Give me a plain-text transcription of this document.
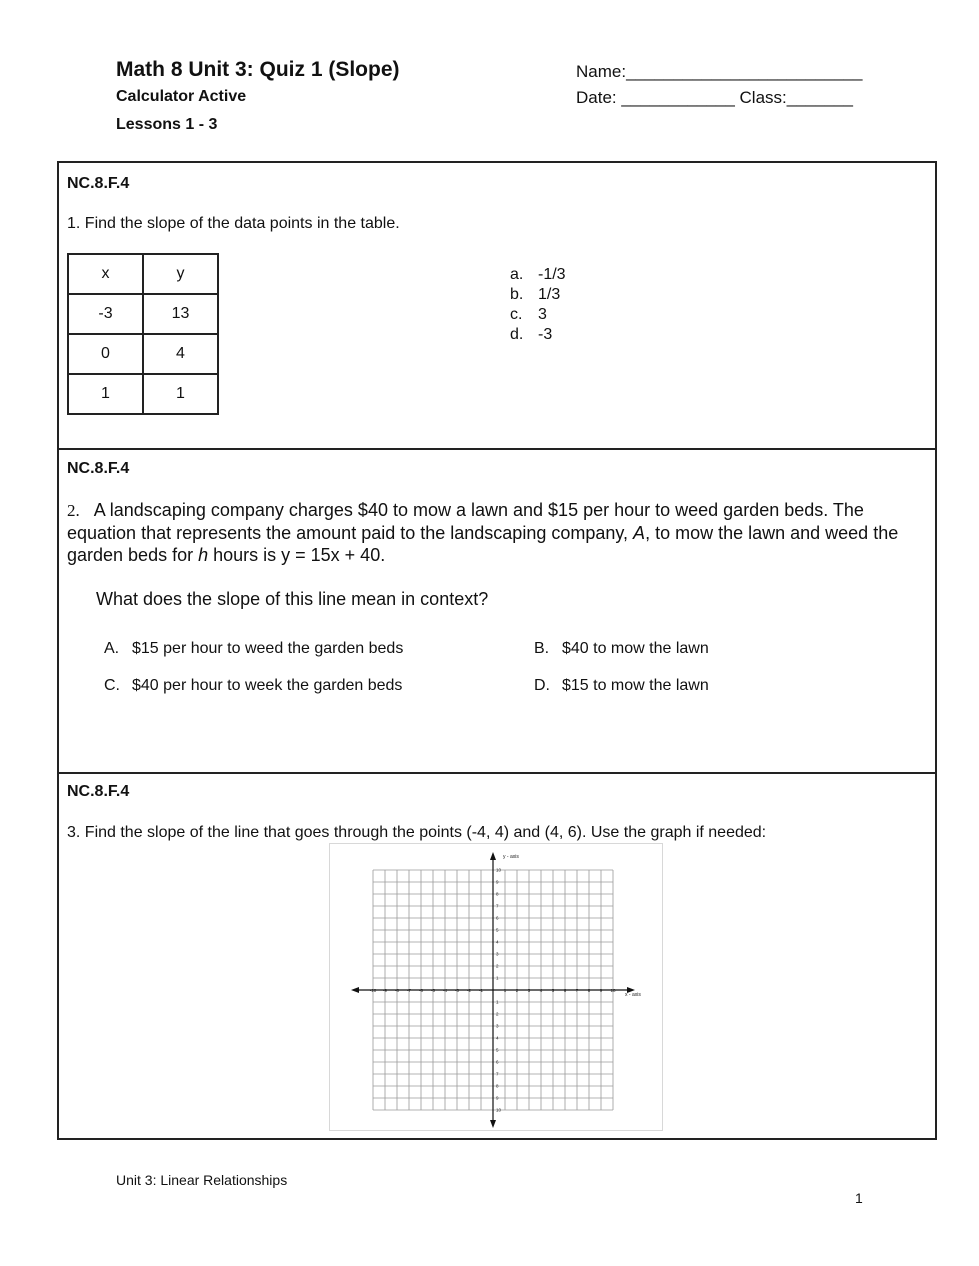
Math 8 Unit 3: Quiz 1 (Slope)	Name:_________________________
Calculator Active	Date: ____________ Class:_______
Lessons 1 - 3
NC.8.F.4
1. Find the slope of the data points in the table.
x	y
-3	13
0	4
1	1
a. -1/3
b. 1/3
c. 3
d. -3
NC.8.F.4
2. A landscaping company charges $40 to mow a lawn and $15 per hour to weed garden beds. The equation that represents the amount paid to the landscaping company, A, to mow the lawn and weed the garden beds for h hours is y = 15x + 40.
What does the slope of this line mean in context?
A. $15 per hour to weed the garden beds	B. $40 to mow the lawn
C. $40 per hour to week the garden beds	D. $15 to mow the lawn
NC.8.F.4
3. Find the slope of the line that goes through the points (-4, 4) and (4, 6). Use the graph if needed:
-10 -9 -8 -7 -6 -5 -4 -3 -2 -1	1 2 3 4 5 6 7 8 9 10
10
9
8
7
6
5
4
3
2
1
1
2
3
4
5
6
7
8
9
10
x - axis
y - axis
Unit 3: Linear Relationships
1
